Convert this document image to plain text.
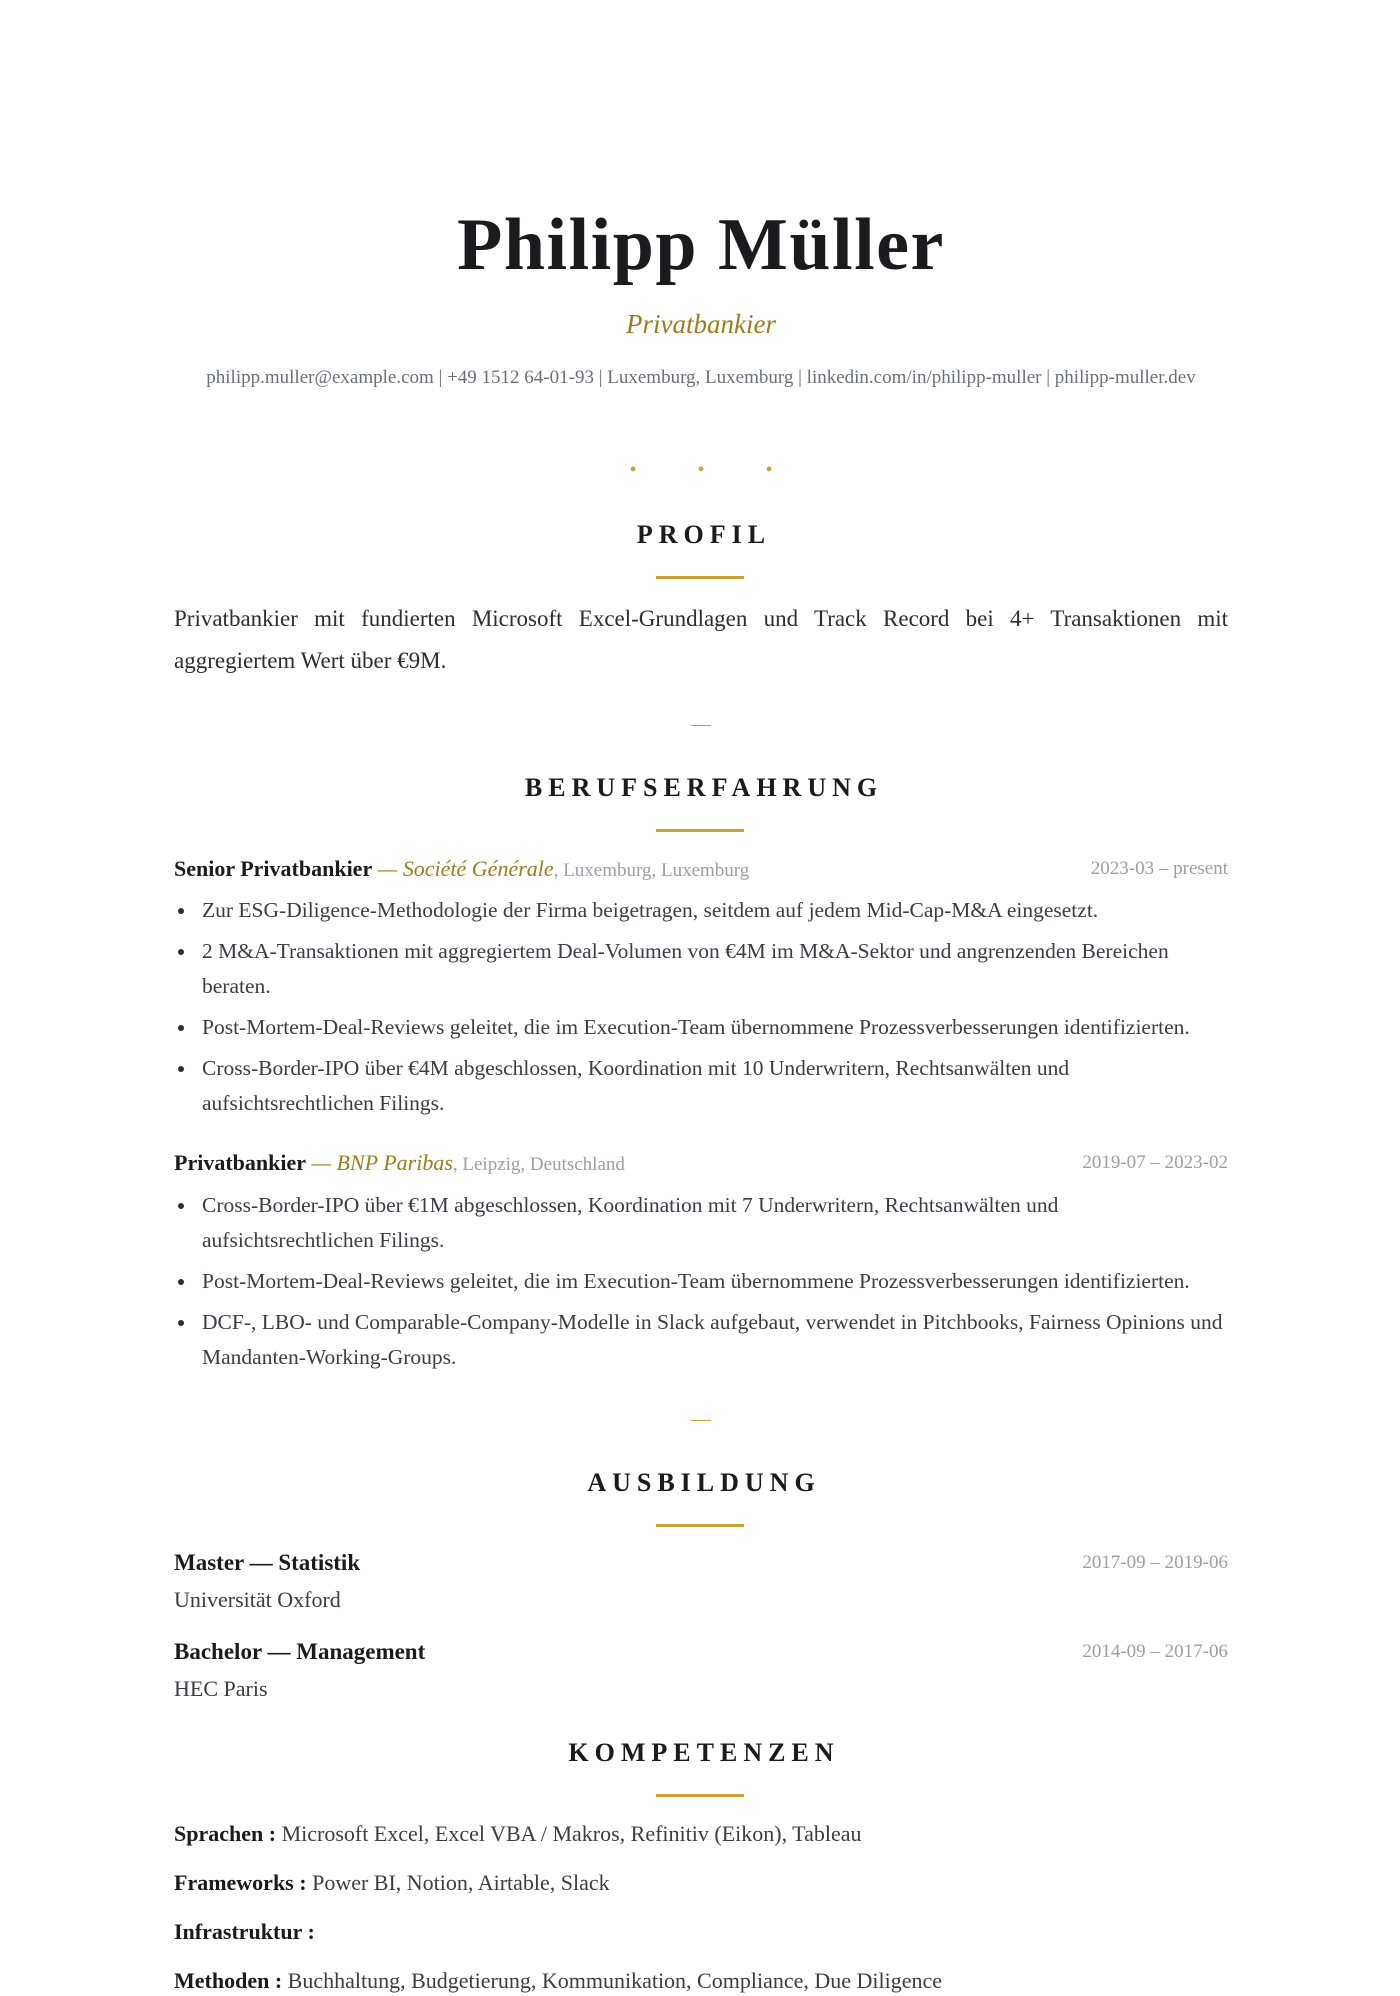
Philipp Müller
Privatbankier
philipp.muller@example.com | +49 1512 64-01-93 | Luxemburg, Luxemburg | linkedin.com/in/philipp-muller | philipp-muller.dev
• • •
PROFIL
Privatbankier mit fundierten Microsoft Excel-Grundlagen und Track Record bei 4+ Transaktionen mit aggregiertem Wert über €9M.
—
BERUFSERFAHRUNG
Senior Privatbankier — Société Générale, Luxemburg, Luxemburg	2023-03 – present
Zur ESG-Diligence-Methodologie der Firma beigetragen, seitdem auf jedem Mid-Cap-M&A eingesetzt.
2 M&A-Transaktionen mit aggregiertem Deal-Volumen von €4M im M&A-Sektor und angrenzenden Bereichen beraten.
Post-Mortem-Deal-Reviews geleitet, die im Execution-Team übernommene Prozessverbesserungen identifizierten.
Cross-Border-IPO über €4M abgeschlossen, Koordination mit 10 Underwritern, Rechtsanwälten und aufsichtsrechtlichen Filings.
Privatbankier — BNP Paribas, Leipzig, Deutschland	2019-07 – 2023-02
Cross-Border-IPO über €1M abgeschlossen, Koordination mit 7 Underwritern, Rechtsanwälten und aufsichtsrechtlichen Filings.
Post-Mortem-Deal-Reviews geleitet, die im Execution-Team übernommene Prozessverbesserungen identifizierten.
DCF-, LBO- und Comparable-Company-Modelle in Slack aufgebaut, verwendet in Pitchbooks, Fairness Opinions und Mandanten-Working-Groups.
—
AUSBILDUNG
Master — Statistik	2017-09 – 2019-06
Universität Oxford
Bachelor — Management	2014-09 – 2017-06
HEC Paris
KOMPETENZEN
Sprachen : Microsoft Excel, Excel VBA / Makros, Refinitiv (Eikon), Tableau
Frameworks : Power BI, Notion, Airtable, Slack
Infrastruktur :
Methoden : Buchhaltung, Budgetierung, Kommunikation, Compliance, Due Diligence
